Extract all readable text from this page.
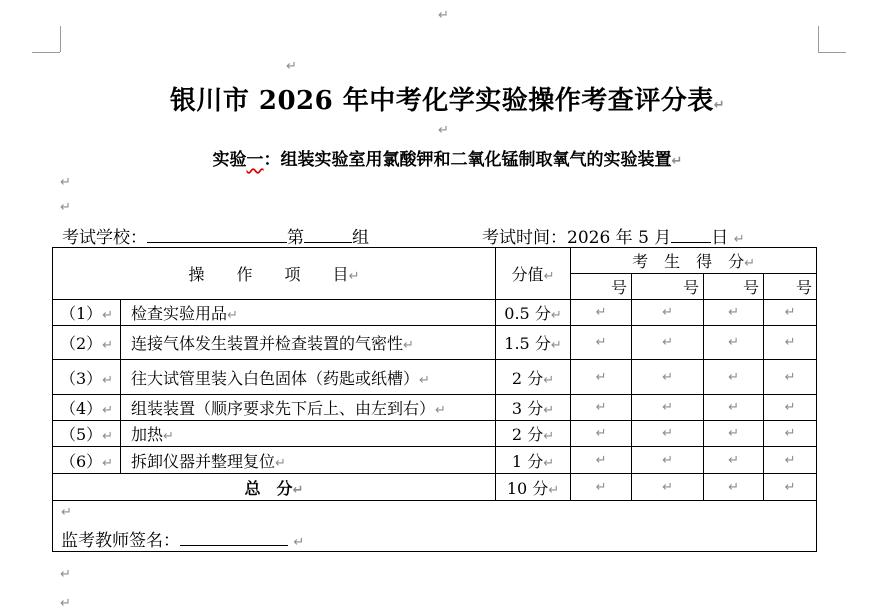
↵
↵
↵
↵
↵
↵
↵
银川市 2026 年中考化学实验操作考查评分表↵
实验一：组装实验室用氯酸钾和二氧化锰制取氧气的实验装置↵
考试学校：	第	组	考试时间：2026 年 5 月 日 ↵
操　　作　　项　　目↵		分值↵	考　生　得　分↵			
			号	号	号	号
（1）↵	检查实验用品↵	0.5 分↵	↵	↵	↵	↵
（2）↵	连接气体发生装置并检查装置的气密性↵	1.5 分↵	↵	↵	↵	↵
（3）↵	往大试管里装入白色固体（药匙或纸槽）↵	2 分↵	↵	↵	↵	↵
（4）↵	组装装置（顺序要求先下后上、由左到右）↵	3 分↵	↵	↵	↵	↵
（5）↵	加热↵	2 分↵	↵	↵	↵	↵
（6）↵	拆卸仪器并整理复位↵	1 分↵	↵	↵	↵	↵
总　分↵		10 分↵	↵	↵	↵	↵

↵
监考教师签名： ↵						
